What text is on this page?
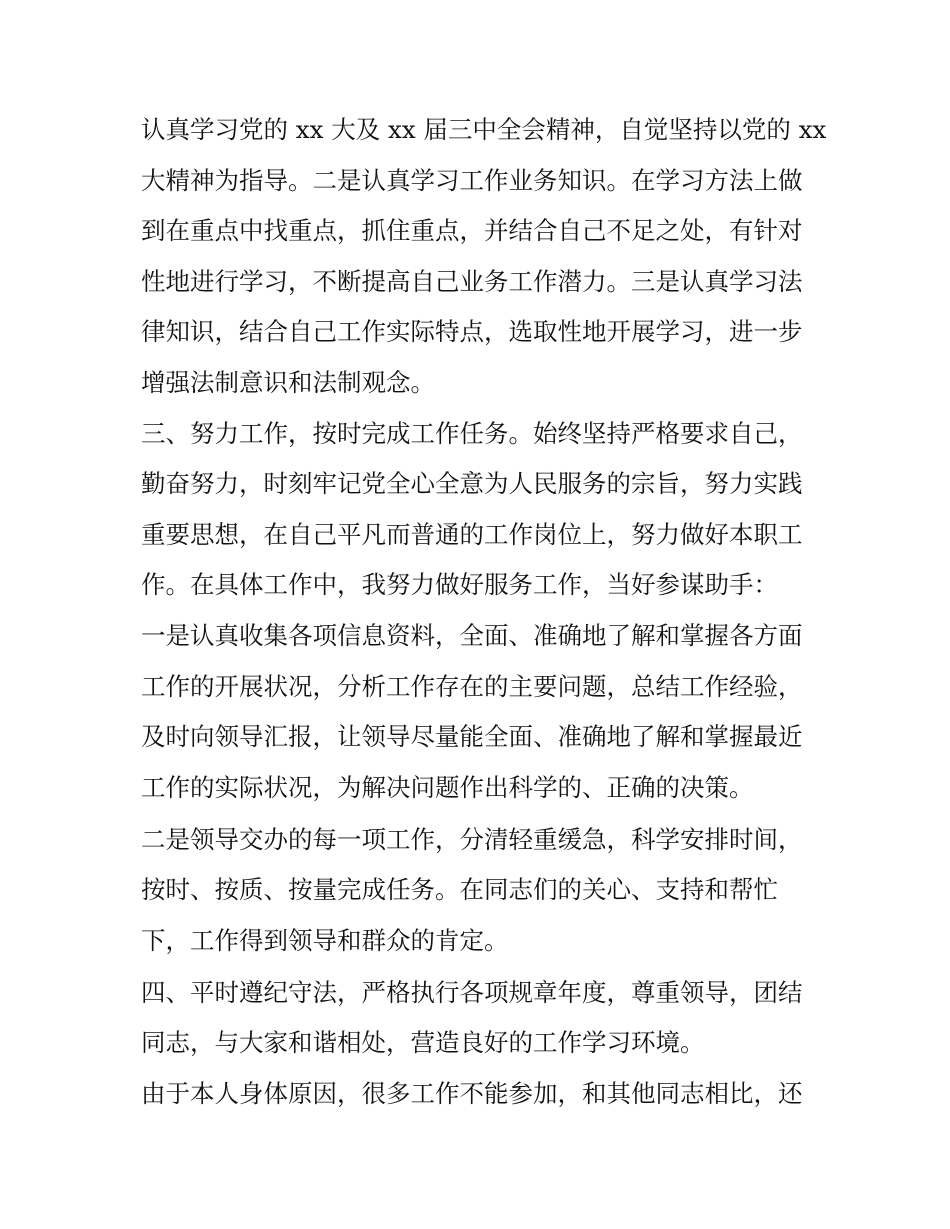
认真学习党的 xx 大及 xx 届三中全会精神，自觉坚持以党的 xx
大精神为指导。二是认真学习工作业务知识。在学习方法上做
到在重点中找重点，抓住重点，并结合自己不足之处，有针对
性地进行学习，不断提高自己业务工作潜力。三是认真学习法
律知识，结合自己工作实际特点，选取性地开展学习，进一步
增强法制意识和法制观念。
三、努力工作，按时完成工作任务。始终坚持严格要求自己，
勤奋努力，时刻牢记党全心全意为人民服务的宗旨，努力实践
重要思想，在自己平凡而普通的工作岗位上，努力做好本职工
作。在具体工作中，我努力做好服务工作，当好参谋助手：
一是认真收集各项信息资料，全面、准确地了解和掌握各方面
工作的开展状况，分析工作存在的主要问题，总结工作经验，
及时向领导汇报，让领导尽量能全面、准确地了解和掌握最近
工作的实际状况，为解决问题作出科学的、正确的决策。
二是领导交办的每一项工作，分清轻重缓急，科学安排时间，
按时、按质、按量完成任务。在同志们的关心、支持和帮忙
下，工作得到领导和群众的肯定。
四、平时遵纪守法，严格执行各项规章年度，尊重领导，团结
同志，与大家和谐相处，营造良好的工作学习环境。
由于本人身体原因，很多工作不能参加，和其他同志相比，还
